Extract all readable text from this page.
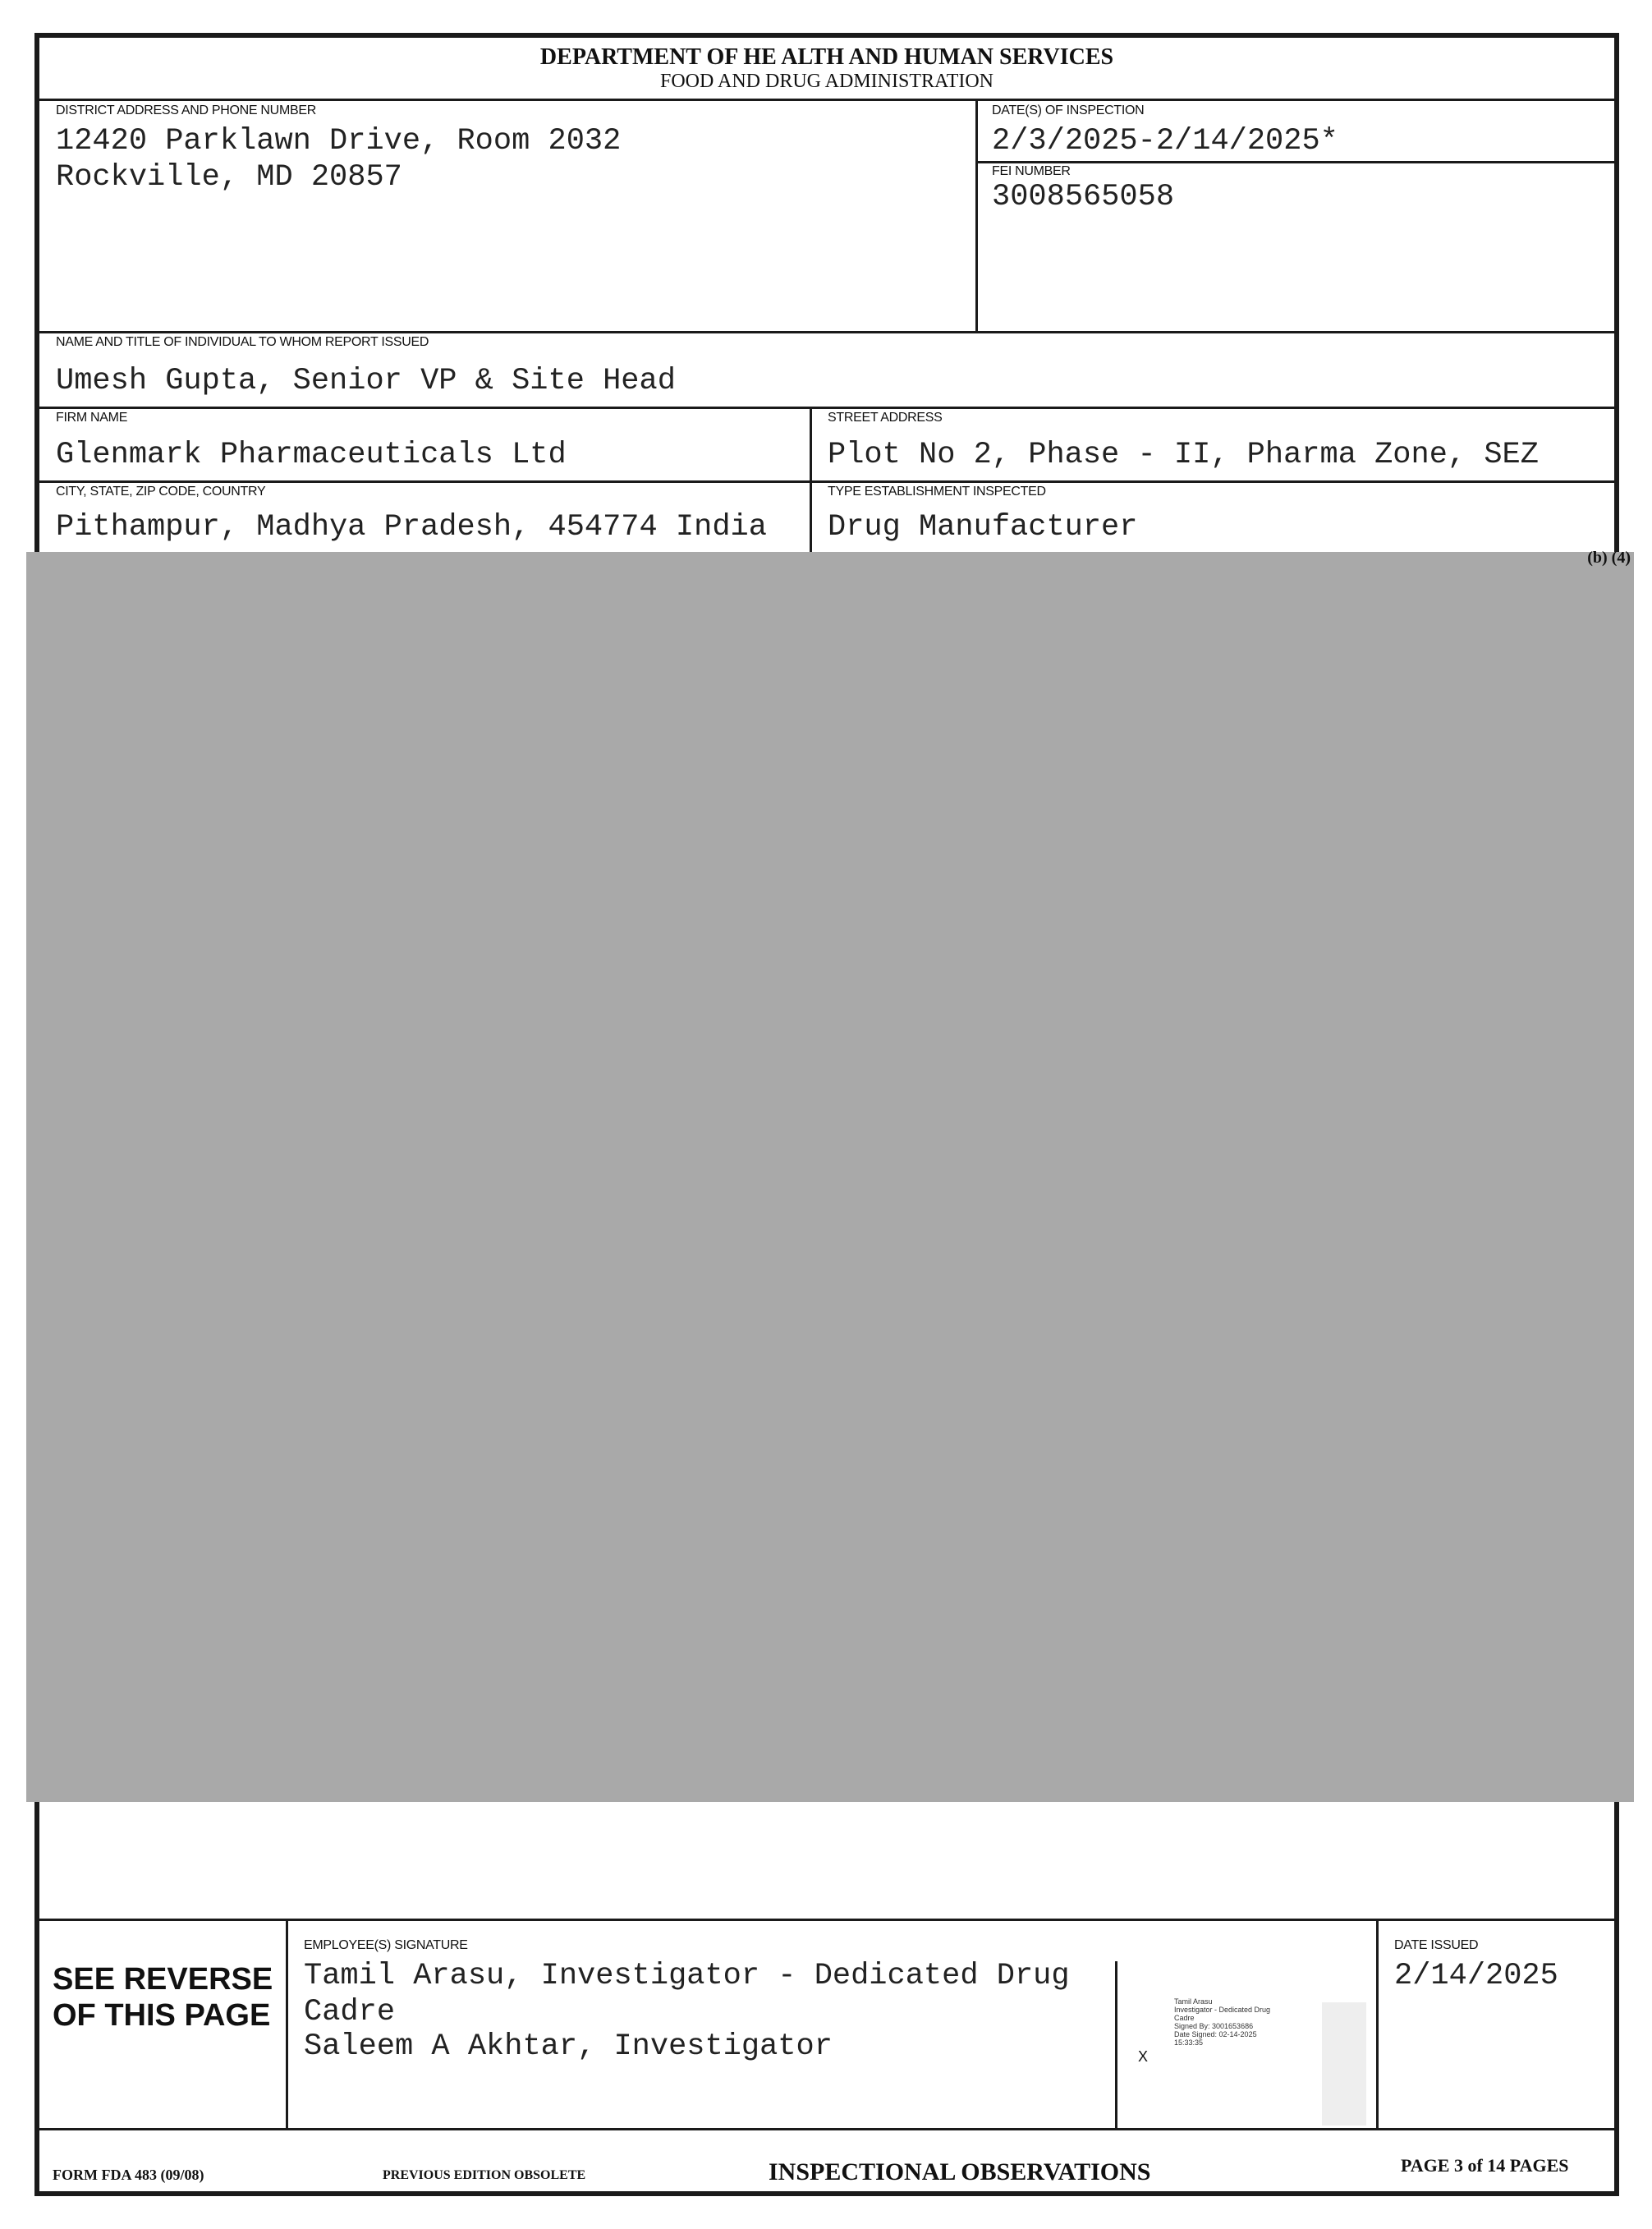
DEPARTMENT OF HE ALTH AND HUMAN SERVICES
FOOD AND DRUG ADMINISTRATION
DISTRICT ADDRESS AND PHONE NUMBER
12420 Parklawn Drive, Room 2032
Rockville, MD 20857
DATE(S) OF INSPECTION
2/3/2025-2/14/2025*
FEI NUMBER
3008565058
NAME AND TITLE OF INDIVIDUAL TO WHOM REPORT ISSUED
Umesh Gupta, Senior VP & Site Head
FIRM NAME
Glenmark Pharmaceuticals Ltd
STREET ADDRESS
Plot No 2, Phase - II, Pharma Zone, SEZ
CITY, STATE, ZIP CODE, COUNTRY
Pithampur, Madhya Pradesh, 454774 India
TYPE ESTABLISHMENT INSPECTED
Drug Manufacturer
(b) (4)
SEE REVERSE
OF THIS PAGE
EMPLOYEE(S) SIGNATURE
Tamil Arasu, Investigator - Dedicated Drug
Cadre
Saleem A Akhtar, Investigator	X
Tamil Arasu
Investigator - Dedicated Drug
Cadre
Signed By: 3001653686
Date Signed: 02-14-2025
15:33:35
DATE ISSUED
2/14/2025
FORM FDA 483 (09/08)	PREVIOUS EDITION OBSOLETE	INSPECTIONAL OBSERVATIONS	PAGE 3 of 14 PAGES
